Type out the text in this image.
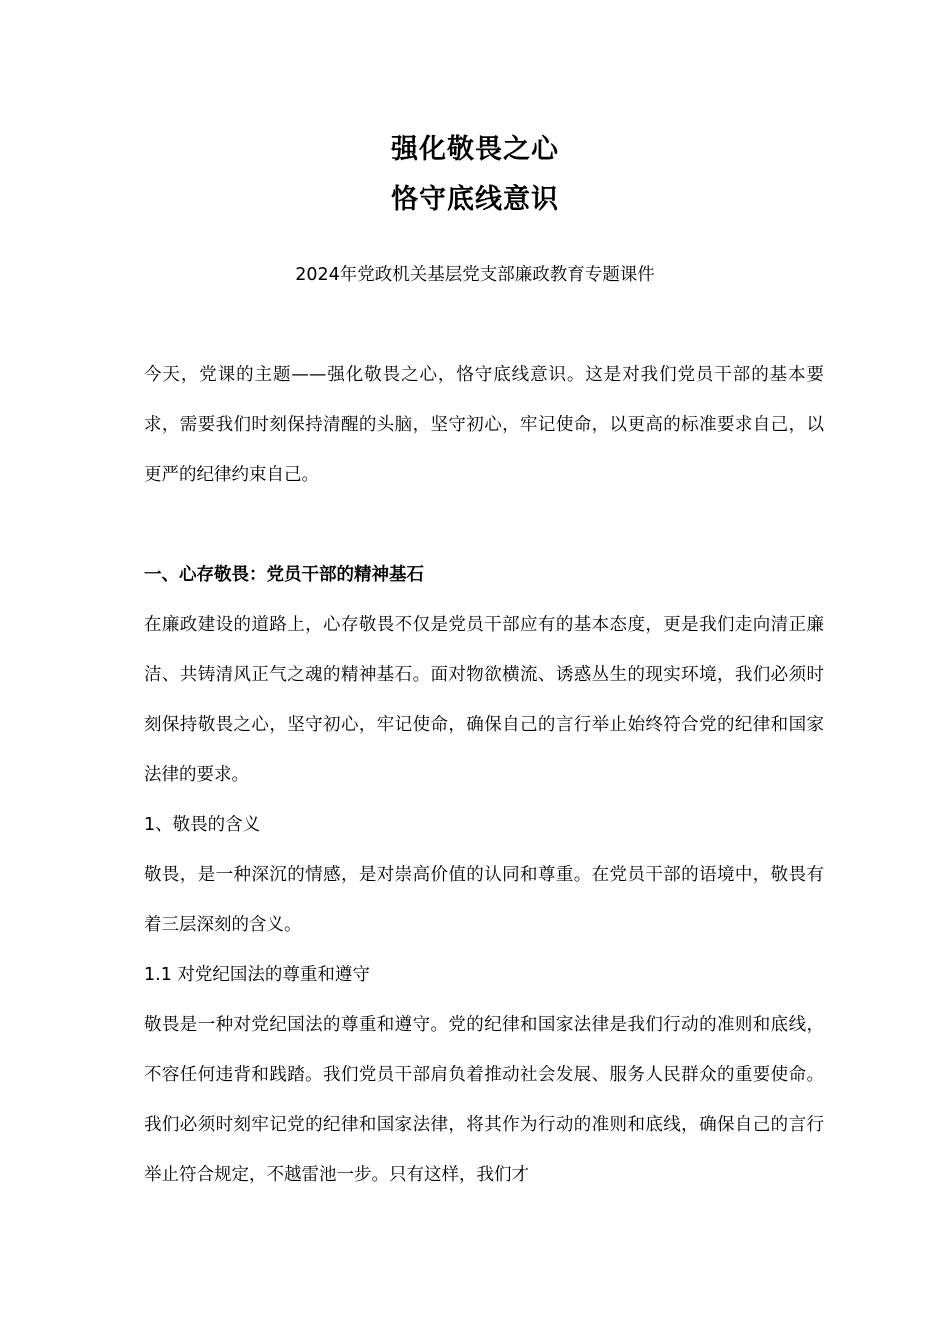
强化敬畏之心
恪守底线意识
2024年党政机关基层党支部廉政教育专题课件

今天，党课的主题——强化敬畏之心，恪守底线意识。这是对我们党员干部的基本要求，需要我们时刻保持清醒的头脑，坚守初心，牢记使命，以更高的标准要求自己，以更严的纪律约束自己。

一、心存敬畏：党员干部的精神基石

在廉政建设的道路上，心存敬畏不仅是党员干部应有的基本态度，更是我们走向清正廉洁、共铸清风正气之魂的精神基石。面对物欲横流、诱惑丛生的现实环境，我们必须时刻保持敬畏之心，坚守初心，牢记使命，确保自己的言行举止始终符合党的纪律和国家法律的要求。

1、敬畏的含义

敬畏，是一种深沉的情感，是对崇高价值的认同和尊重。在党员干部的语境中，敬畏有着三层深刻的含义。

1.1 对党纪国法的尊重和遵守

敬畏是一种对党纪国法的尊重和遵守。党的纪律和国家法律是我们行动的准则和底线，不容任何违背和践踏。我们党员干部肩负着推动社会发展、服务人民群众的重要使命。我们必须时刻牢记党的纪律和国家法律，将其作为行动的准则和底线，确保自己的言行举止符合规定，不越雷池一步。只有这样，我们才
